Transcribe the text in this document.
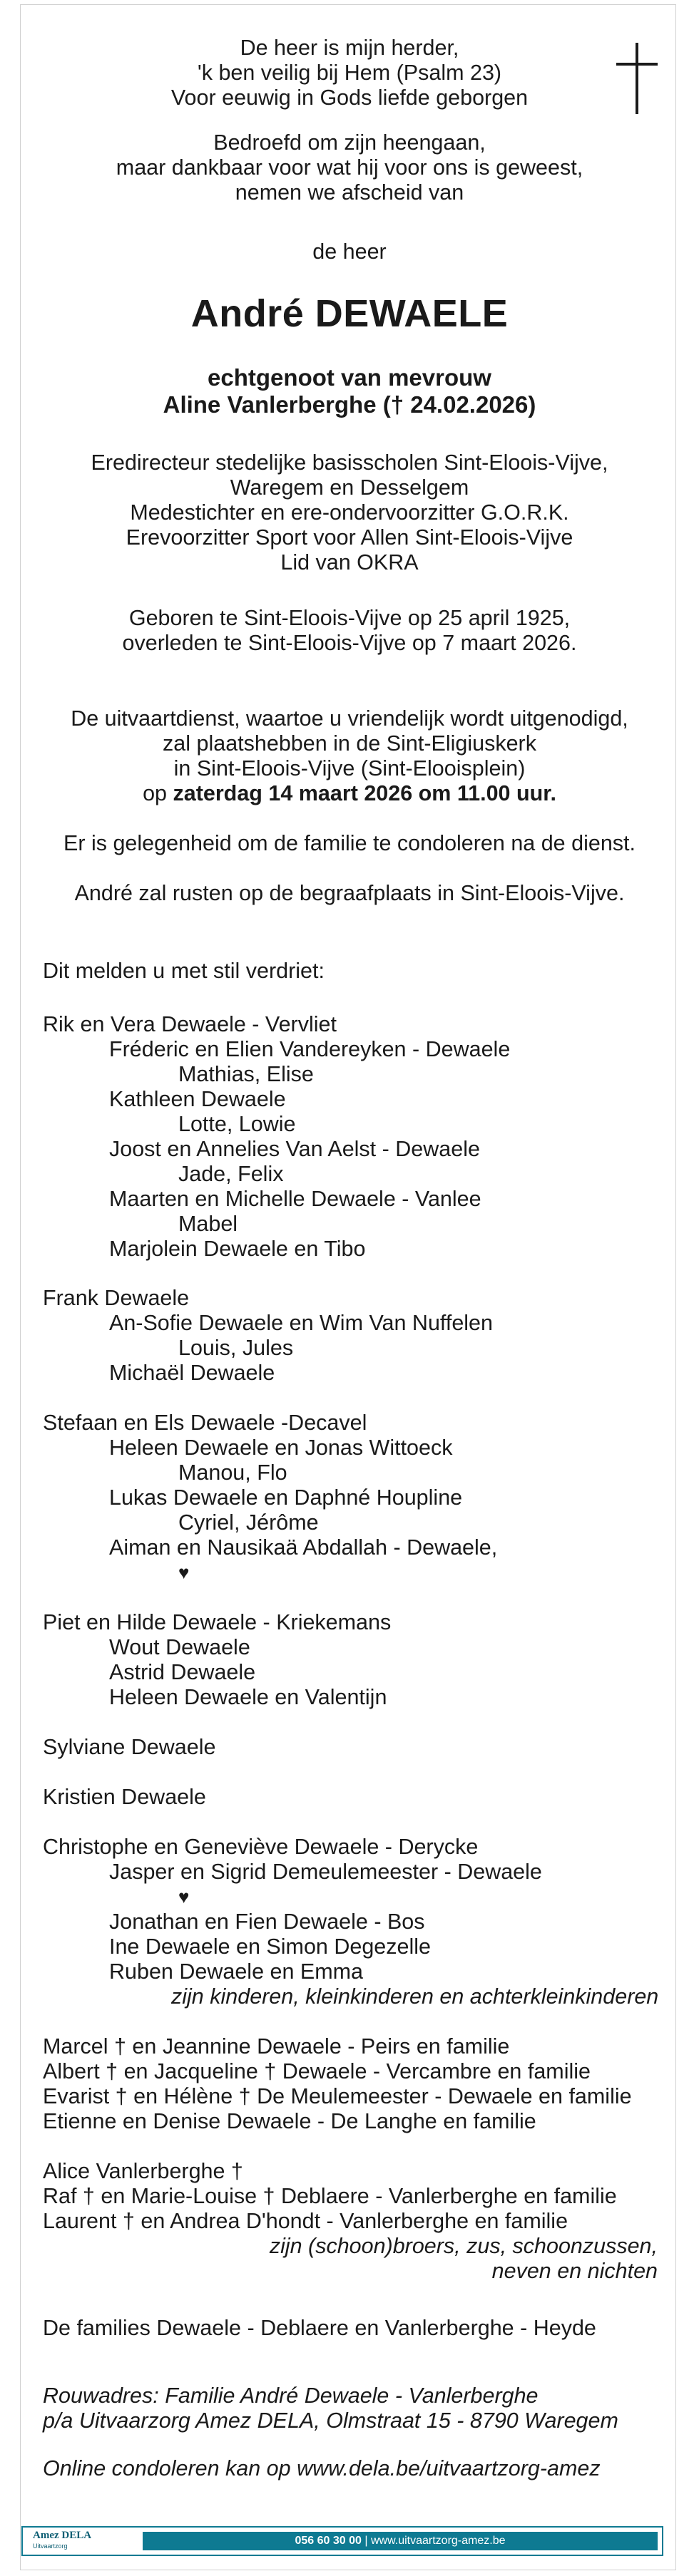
De heer is mijn herder,
'k ben veilig bij Hem (Psalm 23)
Voor eeuwig in Gods liefde geborgen
Bedroefd om zijn heengaan,
maar dankbaar voor wat hij voor ons is geweest,
nemen we afscheid van
de heer
André DEWAELE
echtgenoot van mevrouw
Aline Vanlerberghe († 24.02.2026)
Eredirecteur stedelijke basisscholen Sint-Eloois-Vijve,
Waregem en Desselgem
Medestichter en ere-ondervoorzitter G.O.R.K.
Erevoorzitter Sport voor Allen Sint-Eloois-Vijve
Lid van OKRA
Geboren te Sint-Eloois-Vijve op 25 april 1925,
overleden te Sint-Eloois-Vijve op 7 maart 2026.
De uitvaartdienst, waartoe u vriendelijk wordt uitgenodigd,
zal plaatshebben in de Sint-Eligiuskerk
in Sint-Eloois-Vijve (Sint-Elooisplein)
op zaterdag 14 maart 2026 om 11.00 uur.
Er is gelegenheid om de familie te condoleren na de dienst.
André zal rusten op de begraafplaats in Sint-Eloois-Vijve.
Dit melden u met stil verdriet:
Rik en Vera Dewaele - Vervliet
Fréderic en Elien Vandereyken - Dewaele
Mathias, Elise
Kathleen Dewaele
Lotte, Lowie
Joost en Annelies Van Aelst - Dewaele
Jade, Felix
Maarten en Michelle Dewaele - Vanlee
Mabel
Marjolein Dewaele en Tibo
Frank Dewaele
An-Sofie Dewaele en Wim Van Nuffelen
Louis, Jules
Michaël Dewaele
Stefaan en Els Dewaele -Decavel
Heleen Dewaele en Jonas Wittoeck
Manou, Flo
Lukas Dewaele en Daphné Houpline
Cyriel, Jérôme
Aiman en Nausikaä Abdallah - Dewaele,
♥
Piet en Hilde Dewaele - Kriekemans
Wout Dewaele
Astrid Dewaele
Heleen Dewaele en Valentijn
Sylviane Dewaele
Kristien Dewaele
Christophe en Geneviève Dewaele - Derycke
Jasper en Sigrid Demeulemeester - Dewaele
♥
Jonathan en Fien Dewaele - Bos
Ine Dewaele en Simon Degezelle
Ruben Dewaele en Emma
zijn kinderen, kleinkinderen en achterkleinkinderen
Marcel † en Jeannine Dewaele - Peirs en familie
Albert † en Jacqueline † Dewaele - Vercambre en familie
Evarist † en Hélène † De Meulemeester - Dewaele en familie
Etienne en Denise Dewaele - De Langhe en familie
Alice Vanlerberghe †
Raf † en Marie-Louise † Deblaere - Vanlerberghe en familie
Laurent † en Andrea D'hondt - Vanlerberghe en familie
zijn (schoon)broers, zus, schoonzussen,
neven en nichten
De families Dewaele - Deblaere en Vanlerberghe - Heyde
Rouwadres: Familie André Dewaele - Vanlerberghe
p/a Uitvaarzorg Amez DELA, Olmstraat 15 - 8790 Waregem
Online condoleren kan op www.dela.be/uitvaartzorg-amez
Amez DELA
Uitvaartzorg	056 60 30 00 | www.uitvaartzorg-amez.be
